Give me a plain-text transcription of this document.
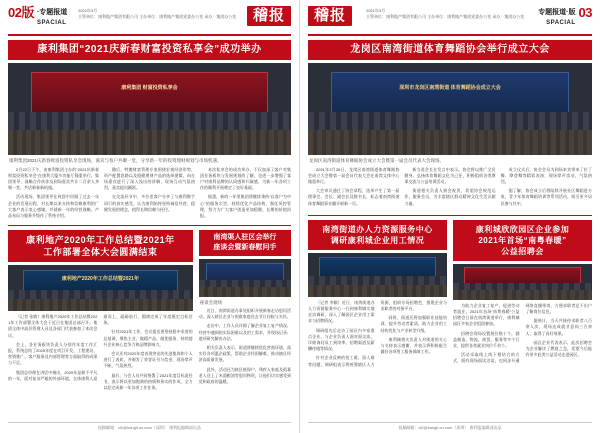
02版 ·专题报道
SPACIAL
2021年3月
主管单位：康利地产集团有限公司 主办单位：康利地产集团党委办公室 承办：集团办公室	稽报
康利集团“2021庆新春财富投资私享会”成功举办
康利集团 财富投资私享会
康利集团2021庆新春财富投资私享会现场，嘉宾与客户共聚一堂，分享新一年的投资理财规划与市场机遇。

2月22日下午，由康利集团主办的“2021庆新春财富投资私享会”在康利大厦多功能厅隆重举行。集团领导、战略合作伙伴及到场嘉宾共计二百余人齐聚一堂，共话新春新机遇。

活动现场，集团领导在致辞中回顾了过去一年企业的发展历程，对长期以来支持和信赖康利的广大客户表示衷心感谢，并就新一年的经营战略、产品布局与服务升级作了系统介绍。

随后，特邀财富管理专家围绕宏观经济形势、资产配置思路以及稳健理财产品的选择逻辑，向在场嘉宾进行了深入浅出的讲解，现场互动气氛热烈，嘉宾提问踊跃。

在交流环节中，多位老客户分享了与康利携手同行的真实感受，认为康利始终坚持诚信经营、稳健发展的理念，值得长期信赖与托付。

本次私享会的成功举办，不仅加深了客户对集团业务板块与发展规划的了解，也进一步增强了客户对康利品牌的认同感和归属感，为新一年各项工作的顺利开展奠定了良好基础。

据悉，新的一年里集团将继续秉持“以客户为中心”的服务宗旨，持续优化产品结构，强化风控管理，努力为广大客户创造更加稳健、长期的价值回报。

康利地产2020年工作总结暨2021年
工作部署全体大会圆满结束
康利地产2020年工作总结暨2021年

（记者 张敏）康利地产2020年工作总结暨2021年工作部署全体大会于近日在集团总部召开。集团全体中高层管理人员及各部门代表参加了本次会议。

会上，各业务板块负责人分别作年度工作汇报，系统总结了2020年度在项目开发、工程建设、营销推广、客户服务及内部管理等方面取得的成绩与不足。

集团总经理在讲话中指出，2020年是极不平凡的一年，面对复杂严峻的外部环境，全体康利人迎难而上、砥砺前行，圆满完成了年度既定目标任务。

针对2021年工作，会议提出要坚持稳中求进的总基调，聚焦主业、做精产品、做优服务，持续提升企业核心竞争力和品牌影响力。

会议还对2020年度表现突出的先进集体和个人进行了表彰，并颁发了荣誉证书与奖金，现场掌声不断，气氛热烈。

最后，与会人员共同签署了2021年度目标责任书，表示将以更加饱满的热情和务实的作风，全力以赴完成新一年各项工作任务。

南湾渠人驻区会举行
座谈会暨新春慰问手
座谈会现场

近日，南湾街道办事处组织开展新春走访慰问活动，深入辖区企业与困难家庭送去节日问候与关怀。

走访中，工作人员详细了解企业复工复产情况、经营中遇到的实际困难以及用工需求，并现场记录、逐项研究解决办法。

相关负责人表示，街道将继续优化营商环境，落实好各项惠企政策，帮助企业纾困解难，推动辖区经济高质量发展。

此外，活动还为辖区低保户、残疾人家庭及孤寡老人送上了米面粮油等慰问物资，让他们切实感受到党和政府的温暖。

投稿邮箱：cl0@kangli-cn.com（深圳） 康利报编辑部出品
稽报	2021年3月
主管单位：康利地产集团有限公司 主办单位：康利地产集团党委办公室 承办：集团办公室
专题报道·版
SPACIAL
03
龙岗区南湾街道体育舞蹈协会举行成立大会
深圳市龙岗区南湾街道 体育舞蹈协会成立大会
龙岗区南湾街道体育舞蹈协会成立大会暨第一届会员代表大会现场。

2021年2月26日，龙岗区南湾街道体育舞蹈协会成立大会暨第一届会员代表大会在南湾文体中心隆重举行。

大会审议通过了协会章程，选举产生了第一届理事会、会长、副会长及秘书长，标志着南湾街道体育舞蹈事业翻开崭新一页。

新当选会长在发言中表示，协会将以推广全民健身、弘扬体育舞蹈文化为己任，积极组织各类赛事交流与公益培训活动。

街道相关负责人到会祝贺，希望协会规范运作、服务会员，为丰富辖区群众精神文化生活贡献力量。

成立仪式后，协会会员为到场来宾带来了拉丁舞、摩登舞等精彩表演，现场掌声雷动，气氛热烈。

据了解，协会成立后将陆续开展社区舞蹈进万家、青少年体育舞蹈培训等系列活动，吸引更多居民参与其中。

南湾街道办人力资源服务中心
调研康利城企业用工情况

（记者 李颖）近日，南湾街道办人力资源服务中心一行到康利城实地走访调研，深入了解园区企业用工需求与招聘情况。

调研组先后走访了园区内多家重点企业，与企业负责人面对面交流，详细询问员工到岗率、招聘渠道及薪酬待遇等情况。

针对企业反映的招工难、留人难等问题，调研组表示将统筹辖区人力资源，组织专场招聘会，搭建企业与求职者的对接平台。

同时，街道还将加强职业技能培训，提升劳动者素质，助力企业用工结构优化与产业转型升级。

康利城相关负责人对街道的关心与支持表示感谢，并表示将积极配合做好各项用工服务保障工作。

康利城欣欣园区企业参加
2021年首场“南粤春暖”
公益招聘会

为助力企业复工复产、促进劳动者就业，2021年首场“南粤春暖”公益招聘会日前在南湾街道举行，康利城园区多家企业组团参加。

招聘会现场设置展位数十个，涵盖制造、物流、商贸、服务等多个行业，提供各类就业岗位千余个。

活动采取线上线下相结合的方式，既有现场面试洽谈，也同步开通网络直播带岗，方便求职者足不出户了解岗位信息。

据统计，当天共接待求职者八百余人次，现场达成就业意向三百余人，取得了良好效果。

园区企业代表表示，此次招聘会为企业解决了燃眉之急，希望今后能有更多此类公益活动走进园区。

投稿邮箱：cl0@kangli-cn.com（深圳） 康利报编辑部出品
